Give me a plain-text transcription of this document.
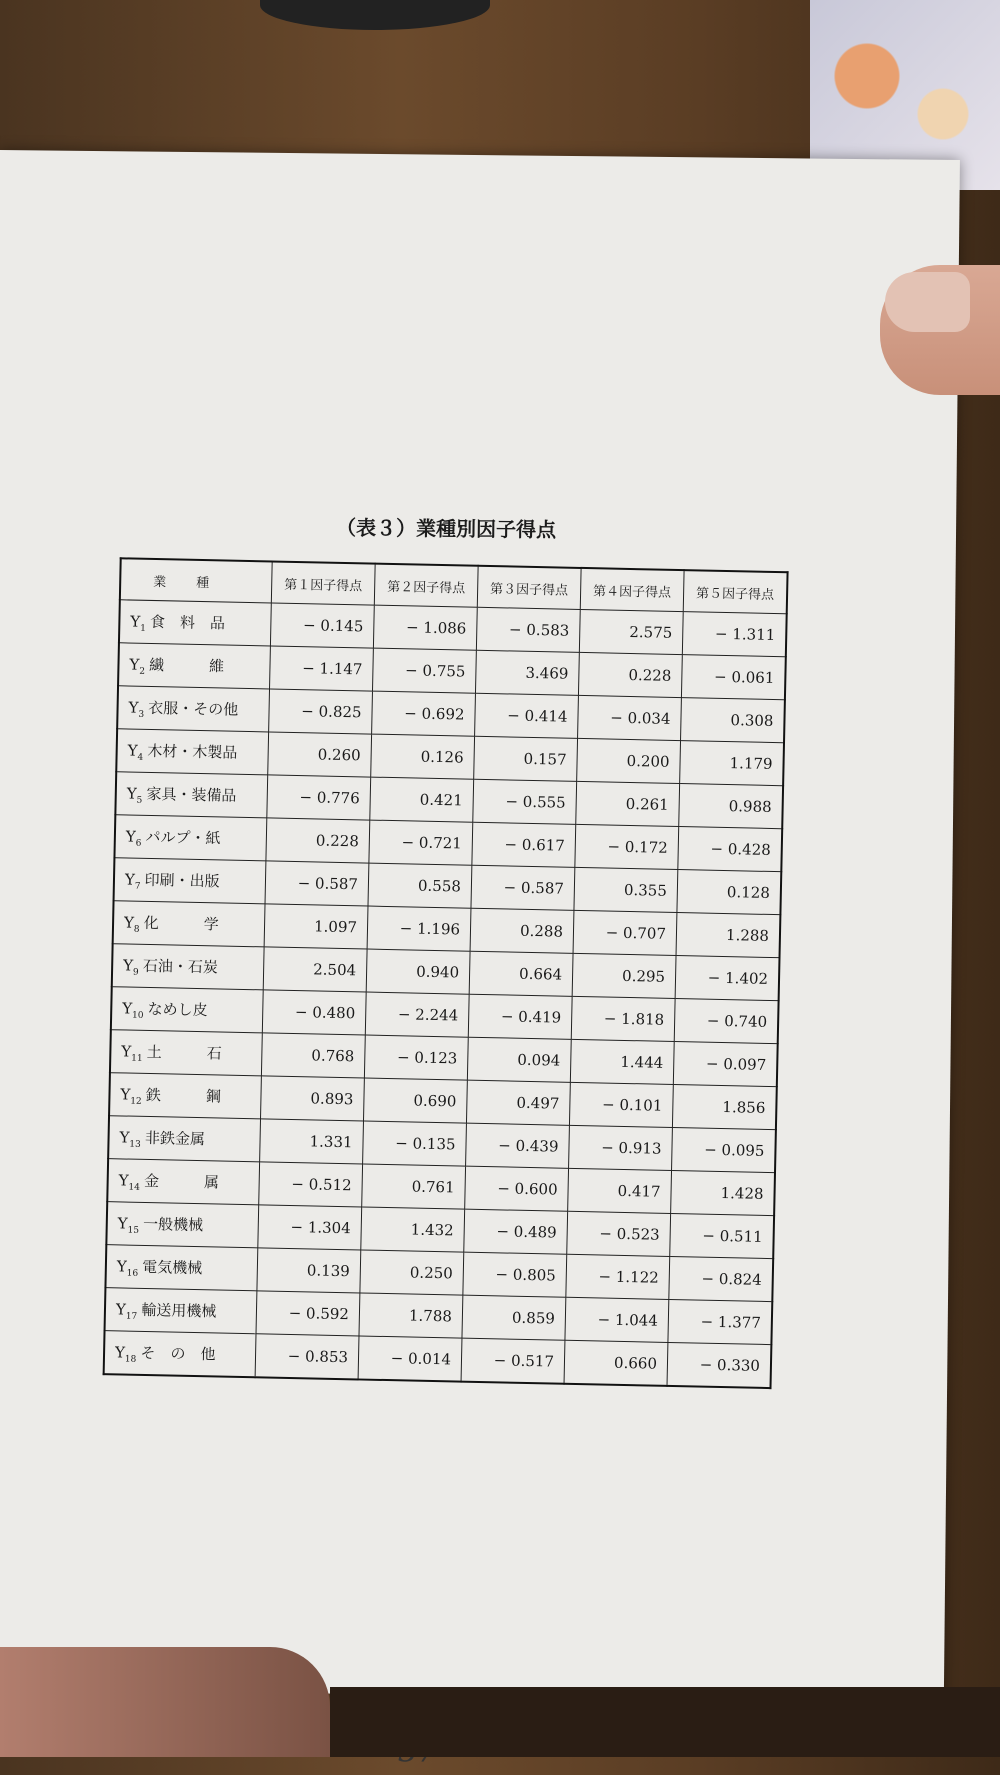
（表３）業種別因子得点
業種	第１因子得点	第２因子得点	第３因子得点	第４因子得点	第５因子得点
$Y_1$ 食　料　品	− 0.145	− 1.086	− 0.583	2.575	− 1.311
$Y_2$ 繊　　　維	− 1.147	− 0.755	3.469	0.228	− 0.061
$Y_3$ 衣服・その他	− 0.825	− 0.692	− 0.414	− 0.034	0.308
$Y_4$ 木材・木製品	0.260	0.126	0.157	0.200	1.179
$Y_5$ 家具・装備品	− 0.776	0.421	− 0.555	0.261	0.988
$Y_6$ パルプ・紙	0.228	− 0.721	− 0.617	− 0.172	− 0.428
$Y_7$ 印刷・出版	− 0.587	0.558	− 0.587	0.355	0.128
$Y_8$ 化　　　学	1.097	− 1.196	0.288	− 0.707	1.288
$Y_9$ 石油・石炭	2.504	0.940	0.664	0.295	− 1.402
$Y_{10}$ なめし皮	− 0.480	− 2.244	− 0.419	− 1.818	− 0.740
$Y_{11}$ 土　　　石	0.768	− 0.123	0.094	1.444	− 0.097
$Y_{12}$ 鉄　　　鋼	0.893	0.690	0.497	− 0.101	1.856
$Y_{13}$ 非鉄金属	1.331	− 0.135	− 0.439	− 0.913	− 0.095
$Y_{14}$ 金　　　属	− 0.512	0.761	− 0.600	0.417	1.428
$Y_{15}$ 一般機械	− 1.304	1.432	− 0.489	− 0.523	− 0.511
$Y_{16}$ 電気機械	0.139	0.250	− 0.805	− 1.122	− 0.824
$Y_{17}$ 輸送用機械	− 0.592	1.788	0.859	− 1.044	− 1.377
$Y_{18}$ そ　の　他	− 0.853	− 0.014	− 0.517	0.660	− 0.330
